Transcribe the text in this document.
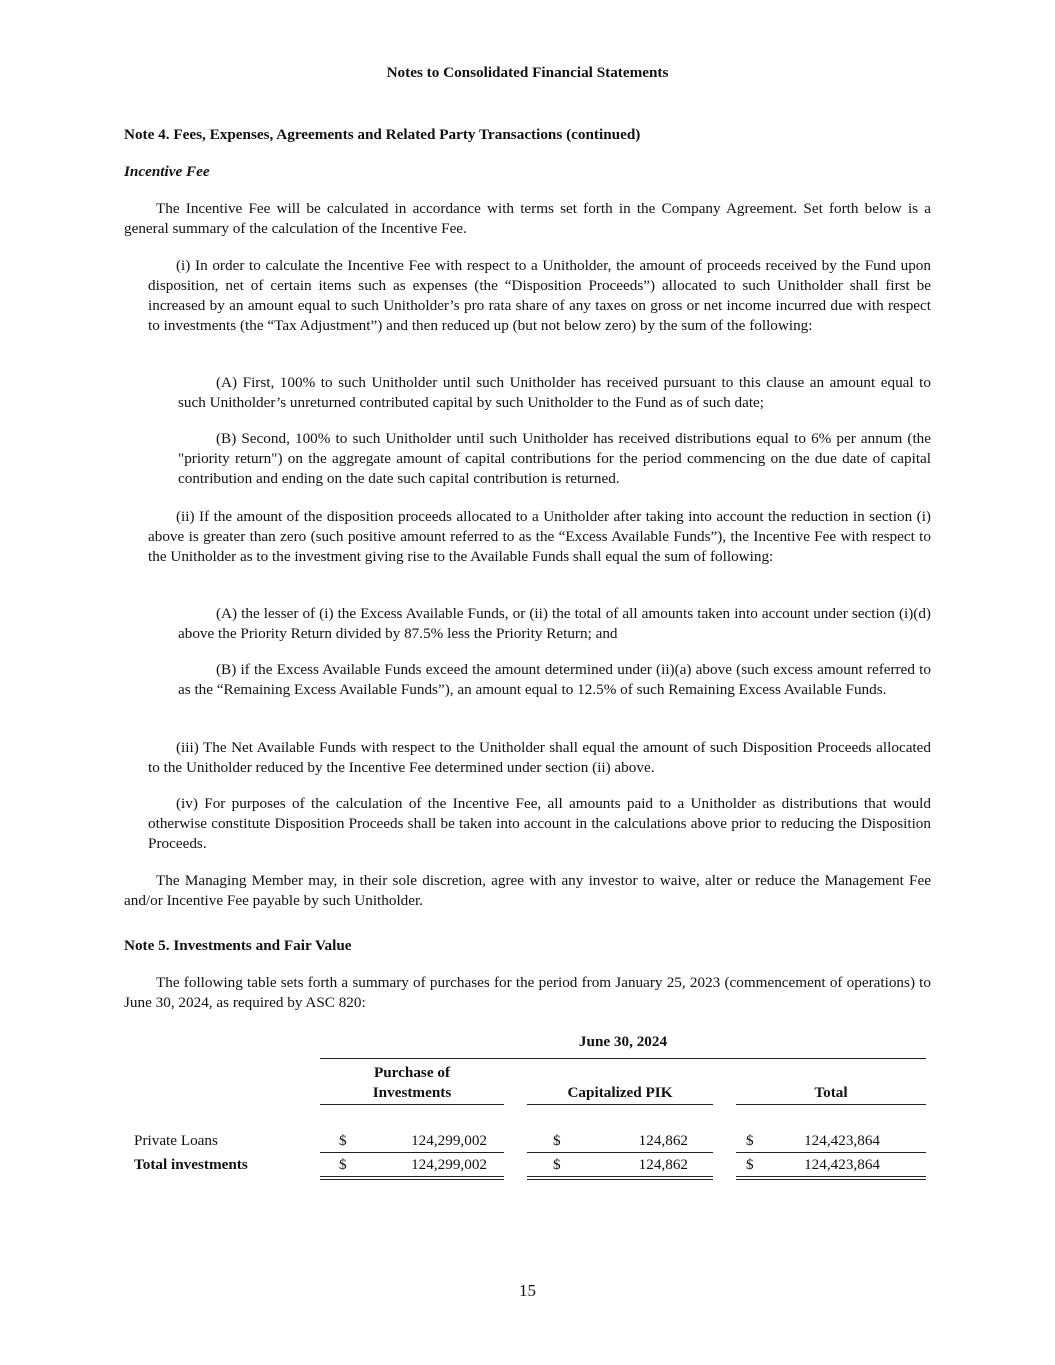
Notes to Consolidated Financial Statements
Note 4. Fees, Expenses, Agreements and Related Party Transactions (continued)
Incentive Fee
The Incentive Fee will be calculated in accordance with terms set forth in the Company Agreement. Set forth below is a general summary of the calculation of the Incentive Fee.
(i) In order to calculate the Incentive Fee with respect to a Unitholder, the amount of proceeds received by the Fund upon disposition, net of certain items such as expenses (the “Disposition Proceeds”) allocated to such Unitholder shall first be increased by an amount equal to such Unitholder’s pro rata share of any taxes on gross or net income incurred due with respect to investments (the “Tax Adjustment”) and then reduced up (but not below zero) by the sum of the following:
(A) First, 100% to such Unitholder until such Unitholder has received pursuant to this clause an amount equal to such Unitholder’s unreturned contributed capital by such Unitholder to the Fund as of such date;
(B) Second, 100% to such Unitholder until such Unitholder has received distributions equal to 6% per annum (the "priority return") on the aggregate amount of capital contributions for the period commencing on the due date of capital contribution and ending on the date such capital contribution is returned.
(ii) If the amount of the disposition proceeds allocated to a Unitholder after taking into account the reduction in section (i) above is greater than zero (such positive amount referred to as the “Excess Available Funds”), the Incentive Fee with respect to the Unitholder as to the investment giving rise to the Available Funds shall equal the sum of following:
(A) the lesser of (i) the Excess Available Funds, or (ii) the total of all amounts taken into account under section (i)(d) above the Priority Return divided by 87.5% less the Priority Return; and
(B) if the Excess Available Funds exceed the amount determined under (ii)(a) above (such excess amount referred to as the “Remaining Excess Available Funds”), an amount equal to 12.5% of such Remaining Excess Available Funds.
(iii) The Net Available Funds with respect to the Unitholder shall equal the amount of such Disposition Proceeds allocated to the Unitholder reduced by the Incentive Fee determined under section (ii) above.
(iv) For purposes of the calculation of the Incentive Fee, all amounts paid to a Unitholder as distributions that would otherwise constitute Disposition Proceeds shall be taken into account in the calculations above prior to reducing the Disposition Proceeds.
The Managing Member may, in their sole discretion, agree with any investor to waive, alter or reduce the Management Fee and/or Incentive Fee payable by such Unitholder.
Note 5. Investments and Fair Value
The following table sets forth a summary of purchases for the period from January 25, 2023 (commencement of operations) to June 30, 2024, as required by ASC 820:
June 30, 2024
Purchase of
Investments	Capitalized PIK	Total
Private Loans	$	124,299,002	$	124,862	$	124,423,864
Total investments	$	124,299,002	$	124,862	$	124,423,864
15
